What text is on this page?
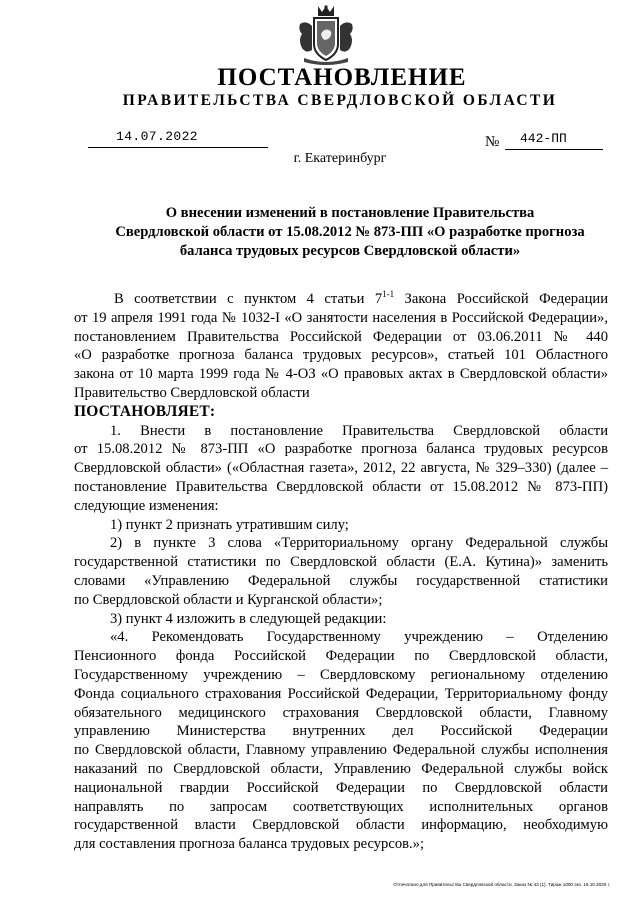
ПОСТАНОВЛЕНИЕ
ПРАВИТЕЛЬСТВА СВЕРДЛОВСКОЙ ОБЛАСТИ
14.07.2022	№ 442-ПП
г. Екатеринбург
О внесении изменений в постановление Правительства
Свердловской области от 15.08.2012 № 873-ПП «О разработке прогноза
баланса трудовых ресурсов Свердловской области»
В соответствии с пунктом 4 статьи 7$^{1-1}$ Закона Российской Федерации
от 19 апреля 1991 года № 1032-I «О занятости населения в Российской Федерации»,
постановлением Правительства Российской Федерации от 03.06.2011 № 440
«О разработке прогноза баланса трудовых ресурсов», статьей 101 Областного
закона от 10 марта 1999 года № 4-ОЗ «О правовых актах в Свердловской области»
Правительство Свердловской области
ПОСТАНОВЛЯЕТ:
1. Внести в постановление Правительства Свердловской области
от 15.08.2012 № 873-ПП «О разработке прогноза баланса трудовых ресурсов
Свердловской области» («Областная газета», 2012, 22 августа, № 329–330) (далее –
постановление Правительства Свердловской области от 15.08.2012 № 873-ПП)
следующие изменения:
1) пункт 2 признать утратившим силу;
2) в пункте 3 слова «Территориальному органу Федеральной службы
государственной статистики по Свердловской области (Е.А. Кутина)» заменить
словами «Управлению Федеральной службы государственной статистики
по Свердловской области и Курганской области»;
3) пункт 4 изложить в следующей редакции:
«4. Рекомендовать Государственному учреждению – Отделению
Пенсионного фонда Российской Федерации по Свердловской области,
Государственному учреждению – Свердловскому региональному отделению
Фонда социального страхования Российской Федерации, Территориальному фонду
обязательного медицинского страхования Свердловской области, Главному
управлению Министерства внутренних дел Российской Федерации
по Свердловской области, Главному управлению Федеральной службы исполнения
наказаний по Свердловской области, Управлению Федеральной службы войск
национальной гвардии Российской Федерации по Свердловской области
направлять по запросам соответствующих исполнительных органов
государственной власти Свердловской области информацию, необходимую
для составления прогноза баланса трудовых ресурсов.»;
Отпечатано для Правительства Свердловской области. Заказ № 43 (1). Тираж 1000 экз. 16.10.2020 г.
